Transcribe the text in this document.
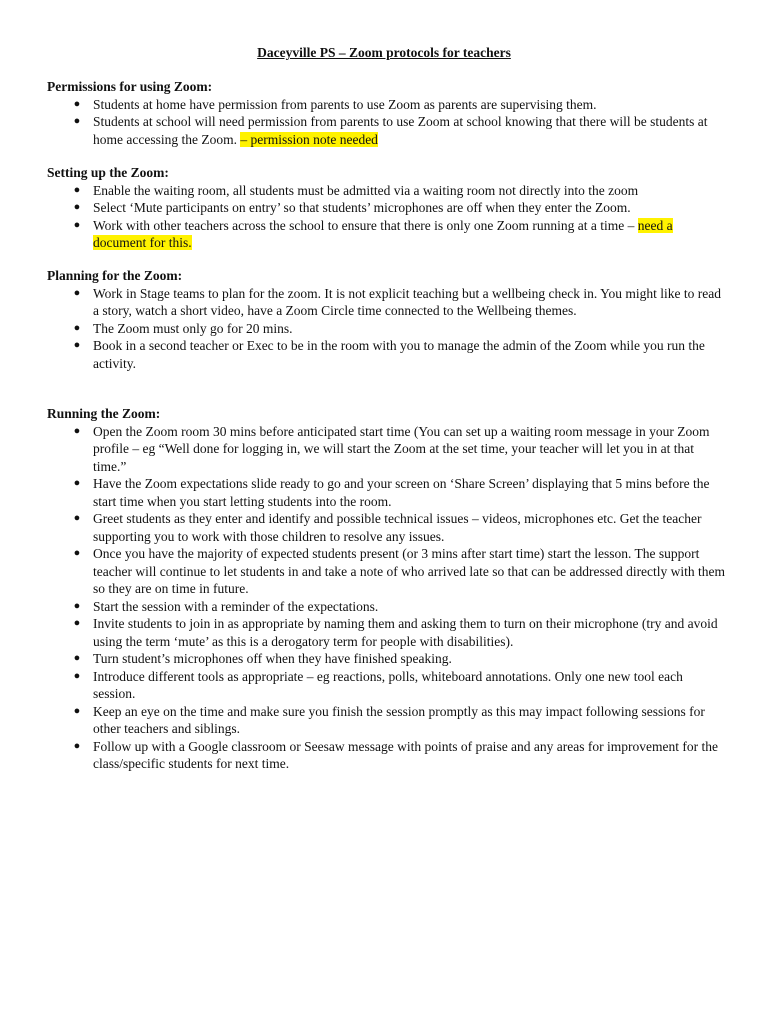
Daceyville PS – Zoom protocols for teachers

Permissions for using Zoom:

● Students at home have permission from parents to use Zoom as parents are supervising them.
● Students at school will need permission from parents to use Zoom at school knowing that there will be students at home accessing the Zoom. – permission note needed

Setting up the Zoom:

● Enable the waiting room, all students must be admitted via a waiting room not directly into the zoom
● Select ‘Mute participants on entry’ so that students’ microphones are off when they enter the Zoom.
● Work with other teachers across the school to ensure that there is only one Zoom running at a time – need a document for this.

Planning for the Zoom:

● Work in Stage teams to plan for the zoom. It is not explicit teaching but a wellbeing check in. You might like to read a story, watch a short video, have a Zoom Circle time connected to the Wellbeing themes.
● The Zoom must only go for 20 mins.
● Book in a second teacher or Exec to be in the room with you to manage the admin of the Zoom while you run the activity.

Running the Zoom:

● Open the Zoom room 30 mins before anticipated start time (You can set up a waiting room message in your Zoom profile – eg “Well done for logging in, we will start the Zoom at the set time, your teacher will let you in at that time.”
● Have the Zoom expectations slide ready to go and your screen on ‘Share Screen’ displaying that 5 mins before the start time when you start letting students into the room.
● Greet students as they enter and identify and possible technical issues – videos, microphones etc. Get the teacher supporting you to work with those children to resolve any issues.
● Once you have the majority of expected students present (or 3 mins after start time) start the lesson. The support teacher will continue to let students in and take a note of who arrived late so that can be addressed directly with them so they are on time in future.
● Start the session with a reminder of the expectations.
● Invite students to join in as appropriate by naming them and asking them to turn on their microphone (try and avoid using the term ‘mute’ as this is a derogatory term for people with disabilities).
● Turn student’s microphones off when they have finished speaking.
● Introduce different tools as appropriate – eg reactions, polls, whiteboard annotations. Only one new tool each session.
● Keep an eye on the time and make sure you finish the session promptly as this may impact following sessions for other teachers and siblings.
● Follow up with a Google classroom or Seesaw message with points of praise and any areas for improvement for the class/specific students for next time.
